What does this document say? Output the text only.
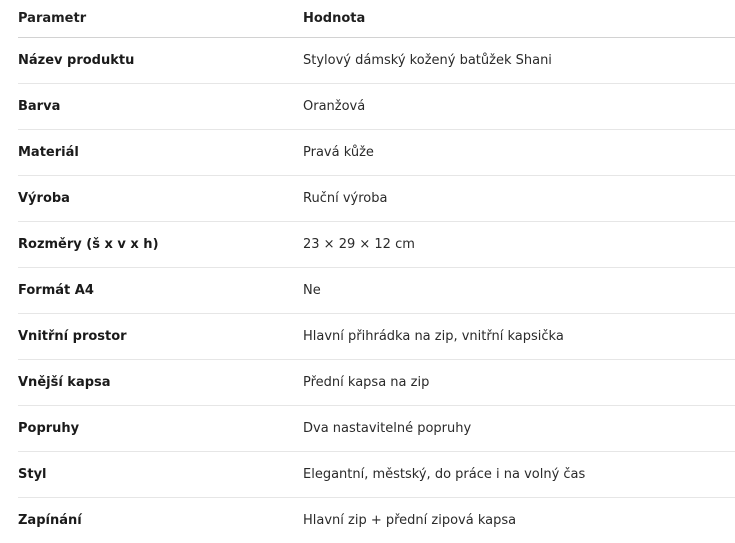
Parametr	Hodnota
Název produktu	Stylový dámský kožený batůžek Shani
Barva	Oranžová
Materiál	Pravá kůže
Výroba	Ruční výroba
Rozměry (š x v x h)	23 × 29 × 12 cm
Formát A4	Ne
Vnitřní prostor	Hlavní přihrádka na zip, vnitřní kapsička
Vnější kapsa	Přední kapsa na zip
Popruhy	Dva nastavitelné popruhy
Styl	Elegantní, městský, do práce i na volný čas
Zapínání	Hlavní zip + přední zipová kapsa
